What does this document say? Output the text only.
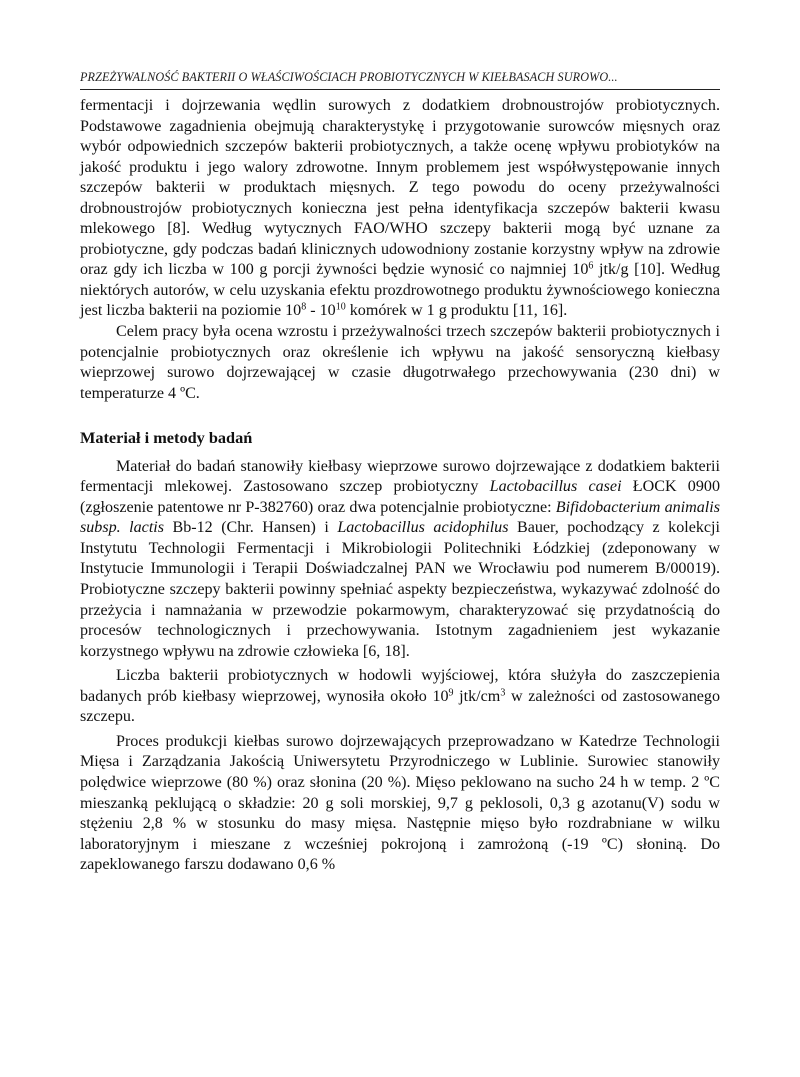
PRZEŻYWALNOŚĆ BAKTERII O WŁAŚCIWOŚCIACH PROBIOTYCZNYCH W KIEŁBASACH SUROWO...

fermentacji i dojrzewania wędlin surowych z dodatkiem drobnoustrojów probiotycznych. Podstawowe zagadnienia obejmują charakterystykę i przygotowanie surowców mięsnych oraz wybór odpowiednich szczepów bakterii probiotycznych, a także ocenę wpływu probiotyków na jakość produktu i jego walory zdrowotne. Innym problemem jest współwystępowanie innych szczepów bakterii w produktach mięsnych. Z tego powodu do oceny przeżywalności drobnoustrojów probiotycznych konieczna jest pełna identyfikacja szczepów bakterii kwasu mlekowego [8]. Według wytycznych FAO/WHO szczepy bakterii mogą być uznane za probiotyczne, gdy podczas badań klinicznych udowodniony zostanie korzystny wpływ na zdrowie oraz gdy ich liczba w 100 g porcji żywności będzie wynosić co najmniej $10^6$ jtk/g [10]. Według niektórych autorów, w celu uzyskania efektu prozdrowotnego produktu żywnościowego konieczna jest liczba bakterii na poziomie $10^8 - 10^{10}$ komórek w 1 g produktu [11, 16].

Celem pracy była ocena wzrostu i przeżywalności trzech szczepów bakterii probiotycznych i potencjalnie probiotycznych oraz określenie ich wpływu na jakość sensoryczną kiełbasy wieprzowej surowo dojrzewającej w czasie długotrwałego przechowywania (230 dni) w temperaturze 4 ºC.

Materiał i metody badań

Materiał do badań stanowiły kiełbasy wieprzowe surowo dojrzewające z dodatkiem bakterii fermentacji mlekowej. Zastosowano szczep probiotyczny Lactobacillus casei ŁOCK 0900 (zgłoszenie patentowe nr P-382760) oraz dwa potencjalnie probiotyczne: Bifidobacterium animalis subsp. lactis Bb-12 (Chr. Hansen) i Lactobacillus acidophilus Bauer, pochodzący z kolekcji Instytutu Technologii Fermentacji i Mikrobiologii Politechniki Łódzkiej (zdeponowany w Instytucie Immunologii i Terapii Doświadczalnej PAN we Wrocławiu pod numerem B/00019). Probiotyczne szczepy bakterii powinny spełniać aspekty bezpieczeństwa, wykazywać zdolność do przeżycia i namnażania w przewodzie pokarmowym, charakteryzować się przydatnością do procesów technologicznych i przechowywania. Istotnym zagadnieniem jest wykazanie korzystnego wpływu na zdrowie człowieka [6, 18].

Liczba bakterii probiotycznych w hodowli wyjściowej, która służyła do zaszczepienia badanych prób kiełbasy wieprzowej, wynosiła około $10^9$ jtk/$cm^3$ w zależności od zastosowanego szczepu.

Proces produkcji kiełbas surowo dojrzewających przeprowadzano w Katedrze Technologii Mięsa i Zarządzania Jakością Uniwersytetu Przyrodniczego w Lublinie. Surowiec stanowiły polędwice wieprzowe (80 %) oraz słonina (20 %). Mięso peklowano na sucho 24 h w temp. 2 ºC mieszanką peklującą o składzie: 20 g soli morskiej, 9,7 g peklosoli, 0,3 g azotanu(V) sodu w stężeniu 2,8 % w stosunku do masy mięsa. Następnie mięso było rozdrabniane w wilku laboratoryjnym i mieszane z wcześniej pokrojoną i zamrożoną (-19 ºC) słoniną. Do zapeklowanego farszu dodawano 0,6 %
